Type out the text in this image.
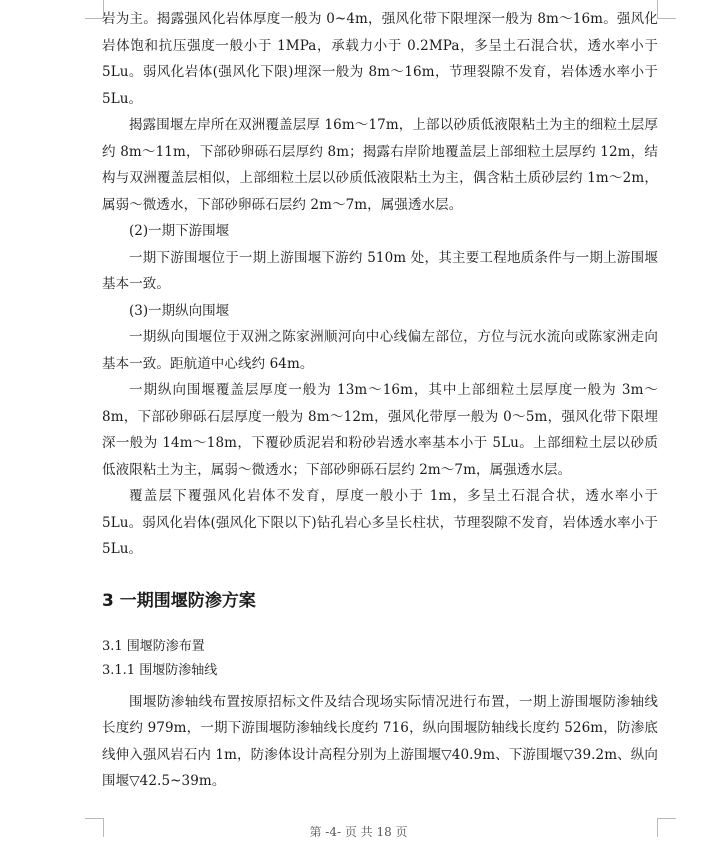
岩为主。揭露强风化岩体厚度一般为 0~4m，强风化带下限埋深一般为 8m～16m。强风化岩体饱和抗压强度一般小于 1MPa，承载力小于 0.2MPa，多呈土石混合状，透水率小于 5Lu。弱风化岩体(强风化下限)埋深一般为 8m～16m，节理裂隙不发育，岩体透水率小于 5Lu。

揭露围堰左岸所在双洲覆盖层厚 16m～17m，上部以砂质低液限粘土为主的细粒土层厚约 8m～11m，下部砂卵砾石层厚约 8m；揭露右岸阶地覆盖层上部细粒土层厚约 12m，结构与双洲覆盖层相似，上部细粒土层以砂质低液限粘土为主，偶含粘土质砂层约 1m～2m，属弱～微透水，下部砂卵砾石层约 2m～7m，属强透水层。

(2)一期下游围堰

一期下游围堰位于一期上游围堰下游约 510m 处，其主要工程地质条件与一期上游围堰基本一致。

(3)一期纵向围堰

一期纵向围堰位于双洲之陈家洲顺河向中心线偏左部位，方位与沅水流向或陈家洲走向基本一致。距航道中心线约 64m。

一期纵向围堰覆盖层厚度一般为 13m～16m，其中上部细粒土层厚度一般为 3m～8m，下部砂卵砾石层厚度一般为 8m～12m，强风化带厚一般为 0～5m，强风化带下限埋深一般为 14m～18m，下覆砂质泥岩和粉砂岩透水率基本小于 5Lu。上部细粒土层以砂质低液限粘土为主，属弱～微透水；下部砂卵砾石层约 2m～7m，属强透水层。

覆盖层下覆强风化岩体不发育，厚度一般小于 1m，多呈土石混合状，透水率小于 5Lu。弱风化岩体(强风化下限以下)钻孔岩心多呈长柱状，节理裂隙不发育，岩体透水率小于 5Lu。

3 一期围堰防渗方案
3.1 围堰防渗布置
3.1.1 围堰防渗轴线

围堰防渗轴线布置按原招标文件及结合现场实际情况进行布置，一期上游围堰防渗轴线长度约 979m，一期下游围堰防渗轴线长度约 716，纵向围堰防轴线长度约 526m，防渗底线伸入强风岩石内 1m，防渗体设计高程分别为上游围堰▽40.9m、下游围堰▽39.2m、纵向围堰▽42.5~39m。

第 -4- 页 共 18 页
